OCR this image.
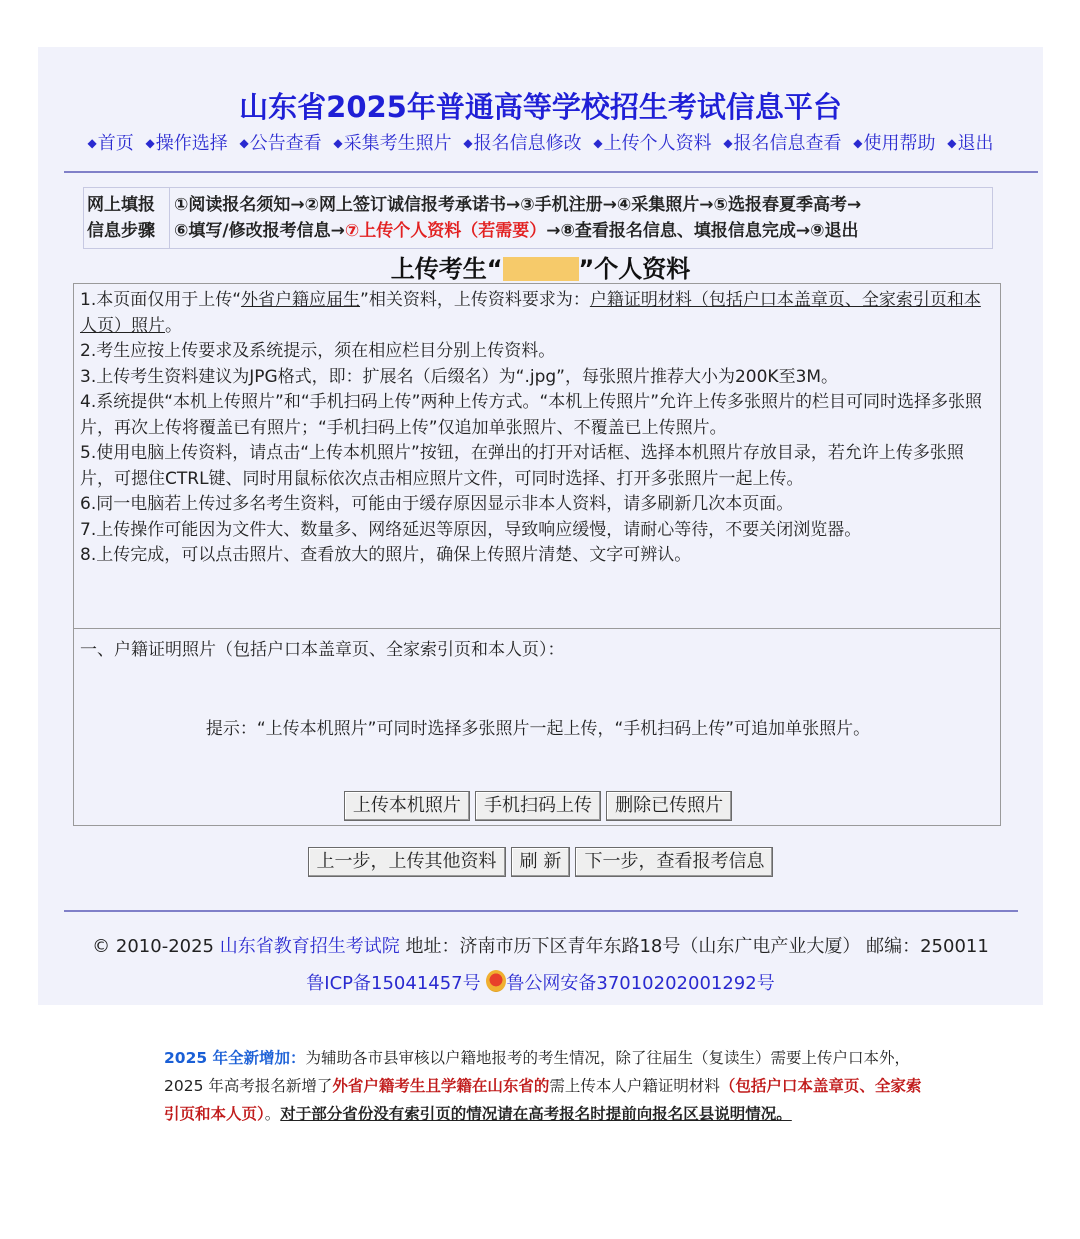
山东省2025年普通高等学校招生考试信息平台
◆首页 ◆操作选择 ◆公告查看 ◆采集考生照片 ◆报名信息修改 ◆上传个人资料 ◆报名信息查看 ◆使用帮助 ◆退出
网上填报
信息步骤
①阅读报名须知→②网上签订诚信报考承诺书→③手机注册→④采集照片→⑤选报春夏季高考→
⑥填写/修改报考信息→⑦上传个人资料（若需要）→⑧查看报名信息、填报信息完成→⑨退出
上传考生“	”个人资料

1.本页面仅用于上传“外省户籍应届生”相关资料，上传资料要求为：户籍证明材料（包括户口本盖章页、全家索引页和本人页）照片。

2.考生应按上传要求及系统提示，须在相应栏目分别上传资料。

3.上传考生资料建议为JPG格式，即：扩展名（后缀名）为“.jpg”，每张照片推荐大小为200K至3M。

4.系统提供“本机上传照片”和“手机扫码上传”两种上传方式。“本机上传照片”允许上传多张照片的栏目可同时选择多张照片，再次上传将覆盖已有照片；“手机扫码上传”仅追加单张照片、不覆盖已上传照片。

5.使用电脑上传资料，请点击“上传本机照片”按钮，在弹出的打开对话框、选择本机照片存放目录，若允许上传多张照片，可摁住CTRL键、同时用鼠标依次点击相应照片文件，可同时选择、打开多张照片一起上传。

6.同一电脑若上传过多名考生资料，可能由于缓存原因显示非本人资料，请多刷新几次本页面。

7.上传操作可能因为文件大、数量多、网络延迟等原因，导致响应缓慢，请耐心等待，不要关闭浏览器。

8.上传完成，可以点击照片、查看放大的照片，确保上传照片清楚、文字可辨认。

一、户籍证明照片（包括户口本盖章页、全家索引页和本人页）：
提示：“上传本机照片”可同时选择多张照片一起上传，“手机扫码上传”可追加单张照片。
上传本机照片 手机扫码上传 删除已传照片
上一步，上传其他资料 刷 新 下一步，查看报考信息
© 2010-2025 山东省教育招生考试院 地址：济南市历下区青年东路18号（山东广电产业大厦） 邮编：250011
鲁ICP备15041457号 鲁公网安备37010202001292号
2025 年全新增加：为辅助各市县审核以户籍地报考的考生情况，除了往届生（复读生）需要上传户口本外，2025 年高考报名新增了外省户籍考生且学籍在山东省的需上传本人户籍证明材料（包括户口本盖章页、全家索引页和本人页）。对于部分省份没有索引页的情况请在高考报名时提前向报名区县说明情况。
